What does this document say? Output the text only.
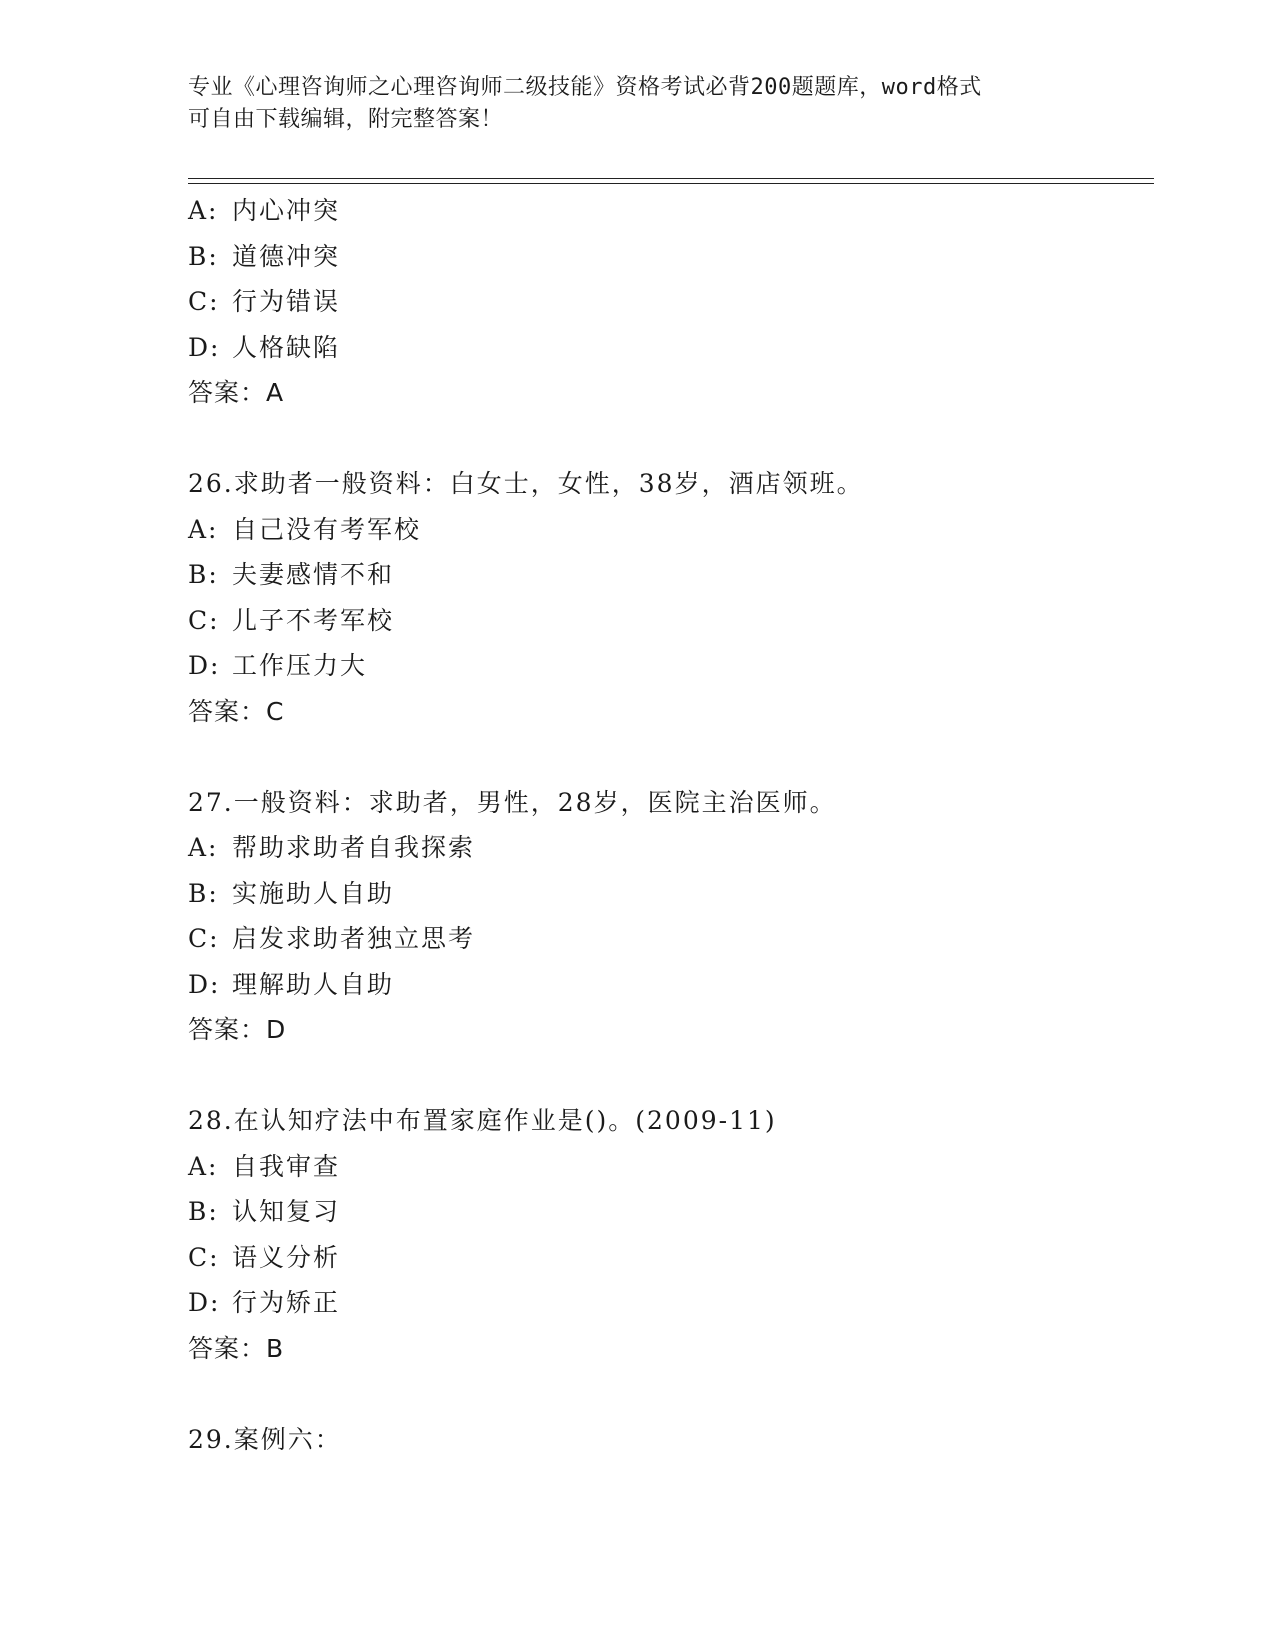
专业《心理咨询师之心理咨询师二级技能》资格考试必背200题题库，word格式
可自由下载编辑，附完整答案！
A: 内心冲突
B: 道德冲突
C: 行为错误
D: 人格缺陷
答案：A
26.求助者一般资料：白女士，女性，38岁，酒店领班。
A: 自己没有考军校
B: 夫妻感情不和
C: 儿子不考军校
D: 工作压力大
答案：C
27.一般资料：求助者，男性，28岁，医院主治医师。
A: 帮助求助者自我探索
B: 实施助人自助
C: 启发求助者独立思考
D: 理解助人自助
答案：D
28.在认知疗法中布置家庭作业是()。(2009-11)
A: 自我审查
B: 认知复习
C: 语义分析
D: 行为矫正
答案：B
29.案例六：
